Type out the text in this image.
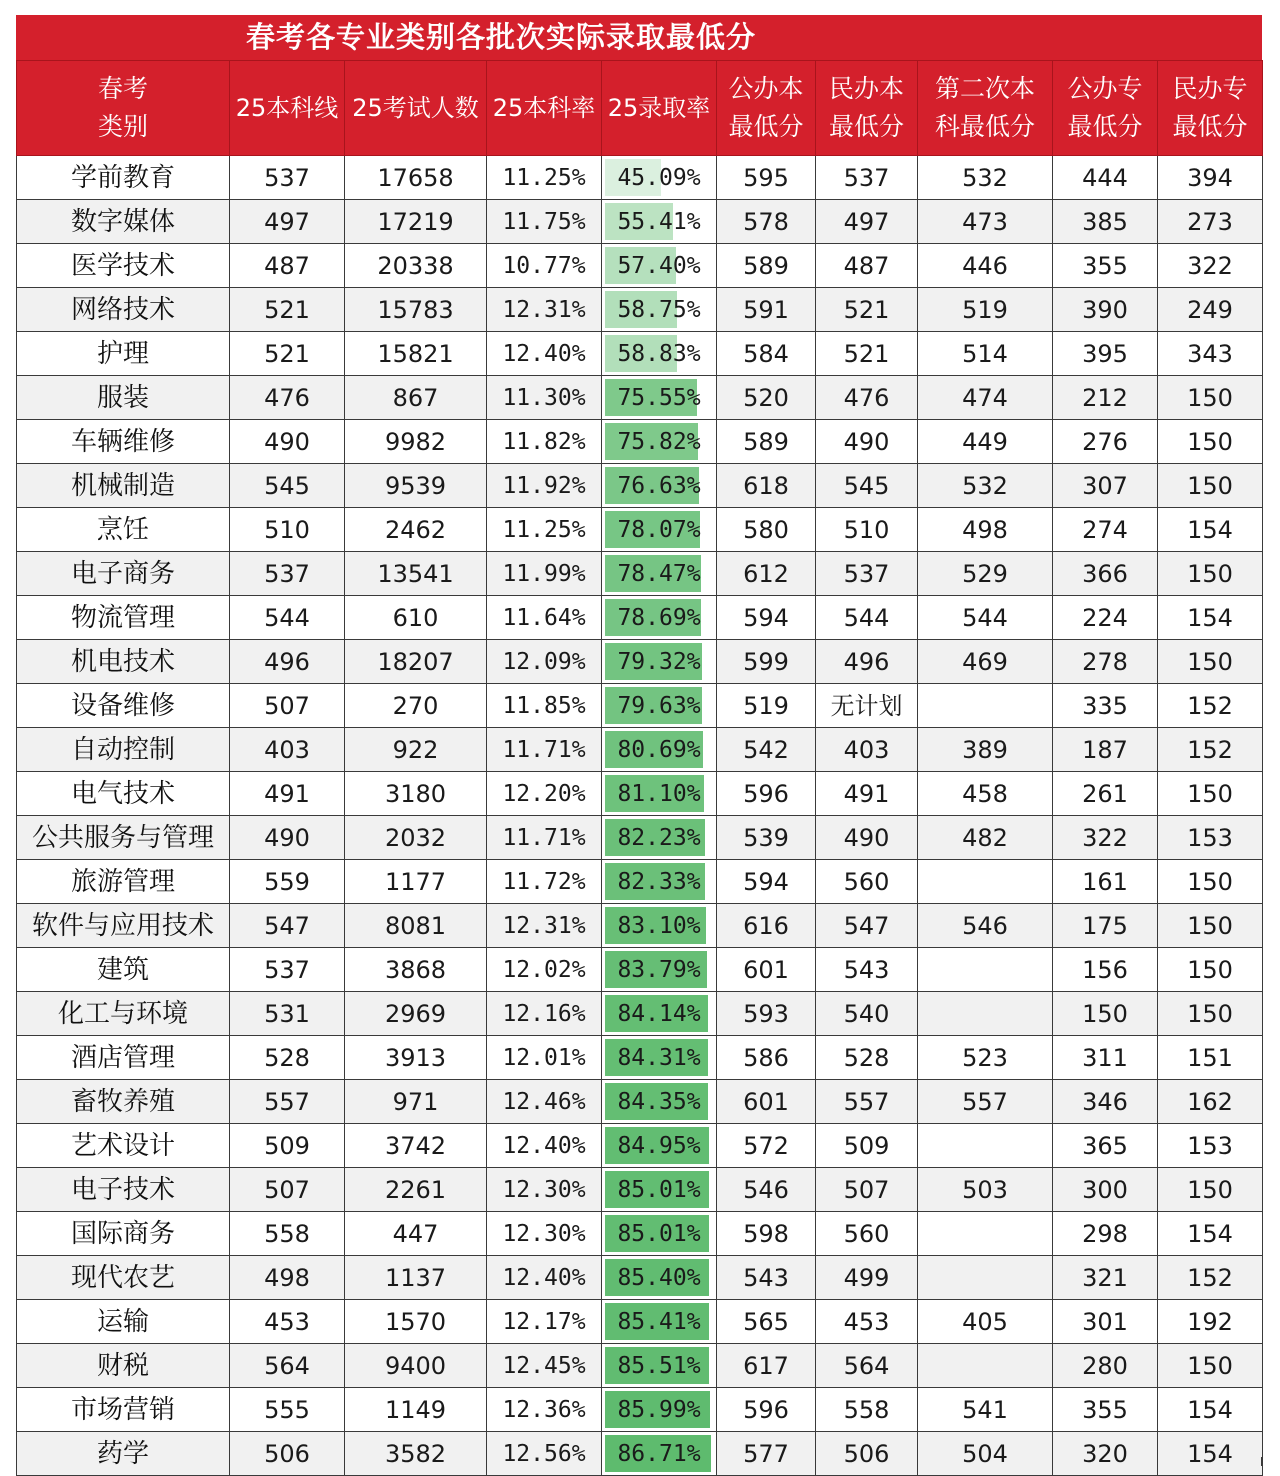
春考各专业类别各批次实际录取最低分
春考类别	25本科线	25考试人数	25本科率	25录取率	公办本最低分	民办本最低分	第二次本科最低分	公办专最低分	民办专最低分
学前教育	537	17658	11.25%	45.09%	595	537	532	444	394
数字媒体	497	17219	11.75%	55.41%	578	497	473	385	273
医学技术	487	20338	10.77%	57.40%	589	487	446	355	322
网络技术	521	15783	12.31%	58.75%	591	521	519	390	249
护理	521	15821	12.40%	58.83%	584	521	514	395	343
服装	476	867	11.30%	75.55%	520	476	474	212	150
车辆维修	490	9982	11.82%	75.82%	589	490	449	276	150
机械制造	545	9539	11.92%	76.63%	618	545	532	307	150
烹饪	510	2462	11.25%	78.07%	580	510	498	274	154
电子商务	537	13541	11.99%	78.47%	612	537	529	366	150
物流管理	544	610	11.64%	78.69%	594	544	544	224	154
机电技术	496	18207	12.09%	79.32%	599	496	469	278	150
设备维修	507	270	11.85%	79.63%	519	无计划		335	152
自动控制	403	922	11.71%	80.69%	542	403	389	187	152
电气技术	491	3180	12.20%	81.10%	596	491	458	261	150
公共服务与管理	490	2032	11.71%	82.23%	539	490	482	322	153
旅游管理	559	1177	11.72%	82.33%	594	560		161	150
软件与应用技术	547	8081	12.31%	83.10%	616	547	546	175	150
建筑	537	3868	12.02%	83.79%	601	543		156	150
化工与环境	531	2969	12.16%	84.14%	593	540		150	150
酒店管理	528	3913	12.01%	84.31%	586	528	523	311	151
畜牧养殖	557	971	12.46%	84.35%	601	557	557	346	162
艺术设计	509	3742	12.40%	84.95%	572	509		365	153
电子技术	507	2261	12.30%	85.01%	546	507	503	300	150
国际商务	558	447	12.30%	85.01%	598	560		298	154
现代农艺	498	1137	12.40%	85.40%	543	499		321	152
运输	453	1570	12.17%	85.41%	565	453	405	301	192
财税	564	9400	12.45%	85.51%	617	564		280	150
市场营销	555	1149	12.36%	85.99%	596	558	541	355	154
药学	506	3582	12.56%	86.71%	577	506	504	320	154
